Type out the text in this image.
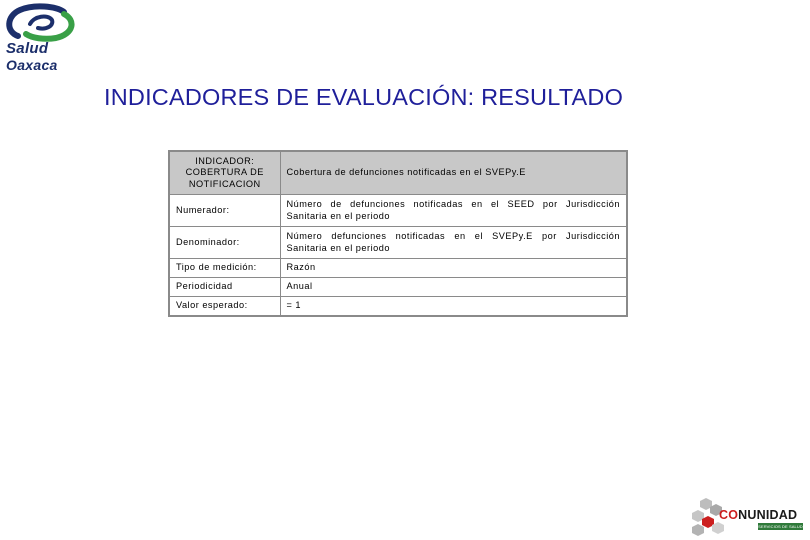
Salud
Oaxaca
INDICADORES DE EVALUACIÓN: RESULTADO
INDICADOR:
COBERTURA DE
NOTIFICACION	Cobertura de defunciones notificadas en el SVEPy.E
Numerador:	Número de defunciones notificadas en el SEED por Jurisdicción Sanitaria en el periodo
Denominador:	Número defunciones notificadas en el SVEPy.E por Jurisdicción Sanitaria en el periodo
Tipo de medición:	Razón
Periodicidad	Anual
Valor esperado:	= 1
CONUNIDAD
SERVICIOS DE SALUD
